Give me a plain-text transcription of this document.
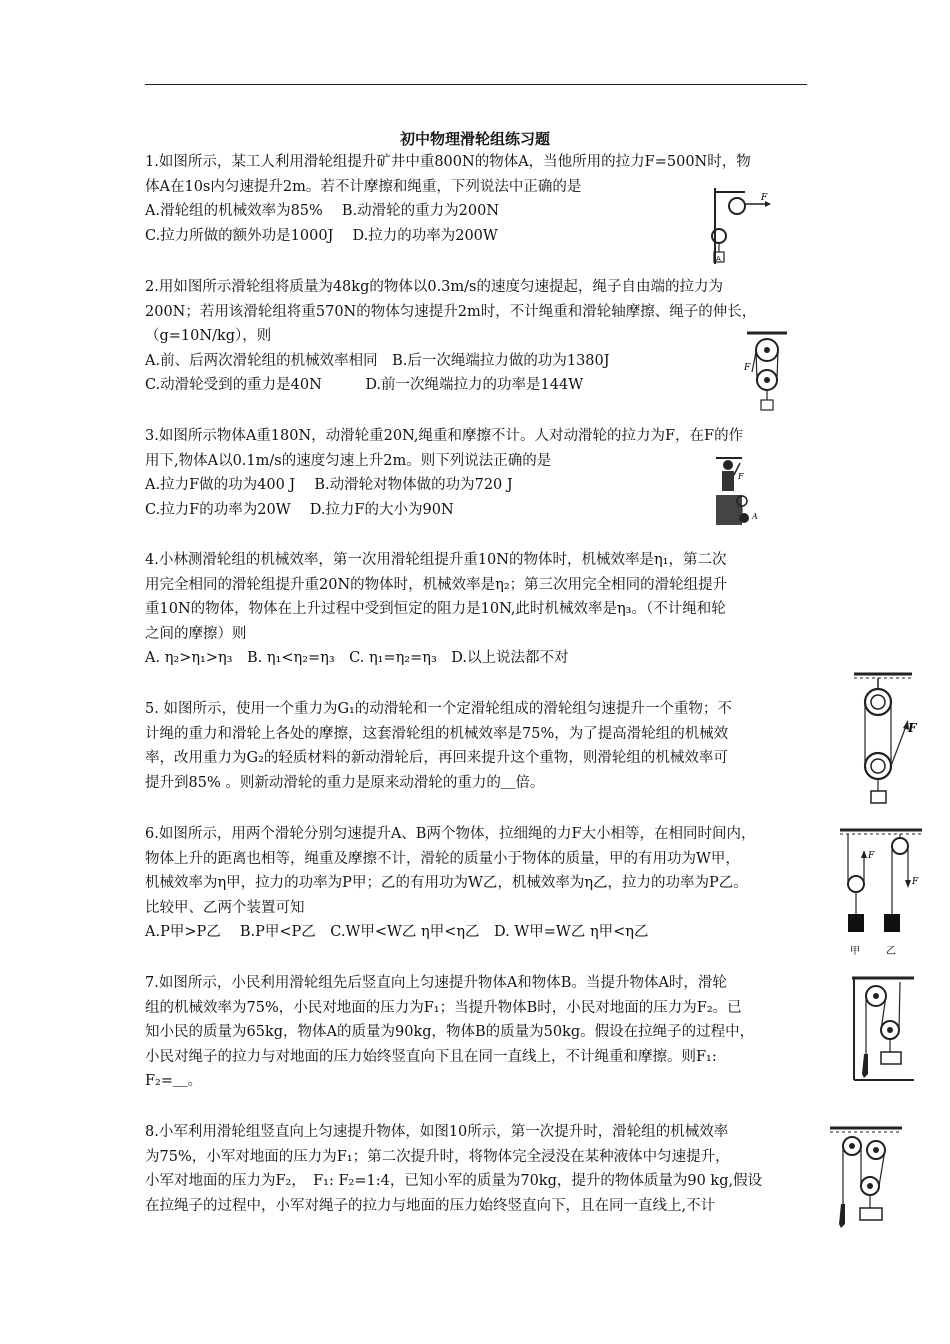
初中物理滑轮组练习题

1.如图所示，某工人利用滑轮组提升矿井中重800N的物体A，当他所用的拉力F=500N时，物

体A在10s内匀速提升2m。若不计摩擦和绳重，下列说法中正确的是

A.滑轮组的机械效率为85%　 B.动滑轮的重力为200N

C.拉力所做的额外功是1000J　 D.拉力的功率为200W

F
A

2.用如图所示滑轮组将质量为48kg的物体以0.3m/s的速度匀速提起，绳子自由端的拉力为

200N；若用该滑轮组将重570N的物体匀速提升2m时，不计绳重和滑轮轴摩擦、绳子的伸长，

（g=10N/kg），则

A.前、后两次滑轮组的机械效率相同　B.后一次绳端拉力做的功为1380J

C.动滑轮受到的重力是40N　　　D.前一次绳端拉力的功率是144W

F

3.如图所示物体A重180N，动滑轮重20N,绳重和摩擦不计。人对动滑轮的拉力为F，在F的作

用下,物体A以0.1m/s的速度匀速上升2m。则下列说法正确的是

A.拉力F做的功为400 J　 B.动滑轮对物体做的功为720 J

C.拉力F的功率为20W　 D.拉力F的大小为90N

F
A

4.小林测滑轮组的机械效率，第一次用滑轮组提升重10N的物体时，机械效率是η₁，第二次

用完全相同的滑轮组提升重20N的物体时，机械效率是η₂；第三次用完全相同的滑轮组提升

重10N的物体，物体在上升过程中受到恒定的阻力是10N,此时机械效率是η₃。（不计绳和轮

之间的摩擦）则

A. η₂>η₁>η₃　B. η₁<η₂=η₃　C. η₁=η₂=η₃　D.以上说法都不对

5. 如图所示，使用一个重力为G₁的动滑轮和一个定滑轮组成的滑轮组匀速提升一个重物；不

计绳的重力和滑轮上各处的摩擦，这套滑轮组的机械效率是75%，为了提高滑轮组的机械效

率，改用重力为G₂的轻质材料的新动滑轮后，再回来提升这个重物，则滑轮组的机械效率可

提升到85% 。则新动滑轮的重力是原来动滑轮的重力的＿倍。

F

6.如图所示，用两个滑轮分别匀速提升A、B两个物体，拉细绳的力F大小相等，在相同时间内，

物体上升的距离也相等，绳重及摩擦不计，滑轮的质量小于物体的质量，甲的有用功为W甲，

机械效率为η甲，拉力的功率为P甲；乙的有用功为W乙，机械效率为η乙，拉力的功率为P乙。

比较甲、乙两个装置可知

A.P甲>P乙　 B.P甲<P乙　C.W甲<W乙 η甲<η乙　D. W甲=W乙 η甲<η乙

F
F
甲	乙

7.如图所示，小民利用滑轮组先后竖直向上匀速提升物体A和物体B。当提升物体A时，滑轮

组的机械效率为75%，小民对地面的压力为F₁；当提升物体B时，小民对地面的压力为F₂。已

知小民的质量为65kg，物体A的质量为90kg，物体B的质量为50kg。假设在拉绳子的过程中，

小民对绳子的拉力与对地面的压力始终竖直向下且在同一直线上，不计绳重和摩擦。则F₁:

F₂=＿。

8.小军利用滑轮组竖直向上匀速提升物体，如图10所示，第一次提升时，滑轮组的机械效率

为75%，小军对地面的压力为F₁；第二次提升时，将物体完全浸没在某种液体中匀速提升，

小军对地面的压力为F₂，　F₁: F₂=1:4，已知小军的质量为70kg，提升的物体质量为90 kg,假设

在拉绳子的过程中，小军对绳子的拉力与地面的压力始终竖直向下，且在同一直线上,不计
